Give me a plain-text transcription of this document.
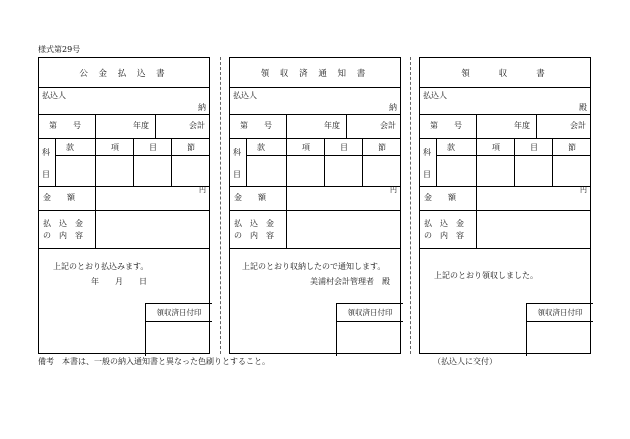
様式第29号
公 金 払 込 書
払込人
納
第　　号	年度	会計
科目
款	項	目	節
金　　額
円
払　込　金
の　内　容
上記のとおり払込みます。
年　　月　　日
領収済日付印
領 収 済 通 知 書
払込人
納
第　　号	年度	会計
科目
款	項	目	節
金　　額
円
払　込　金
の　内　容
上記のとおり収納したので通知します。
美浦村会計管理者　殿
領収済日付印
領　　収　　書
払込人
殿
第　　号	年度	会計
科目
款	項	目	節
金　　額
円
払　込　金
の　内　容
上記のとおり領収しました。
領収済日付印
備考　本書は、一般の納入通知書と異なった色刷りとすること。	（払込人に交付）
